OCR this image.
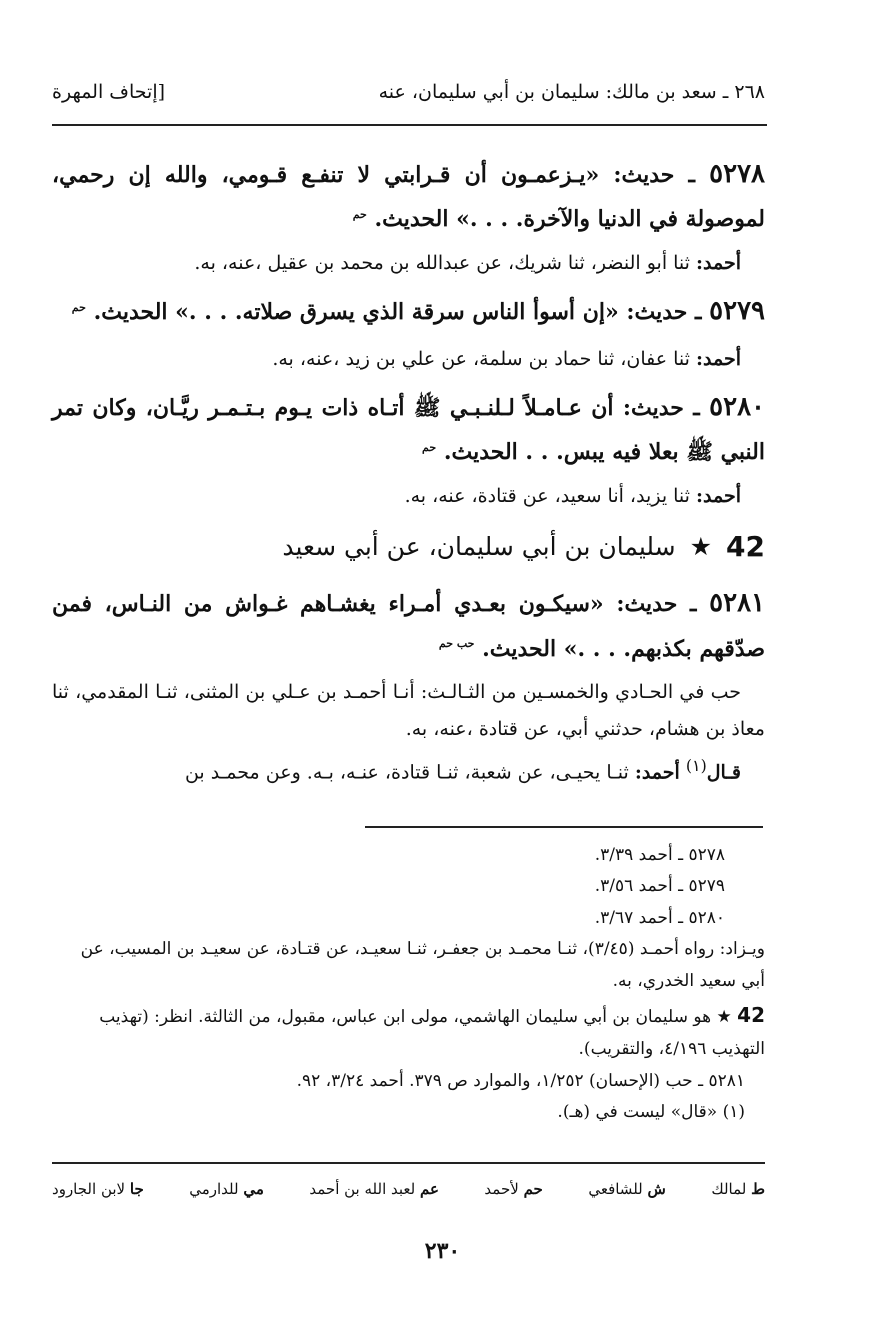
٢٦٨ ـ سعد بن مالك: سليمان بن أبي سليمان، عنه
[إتحاف المهرة
٥٢٧٨ ـ حديث: «يـزعمـون أن قـرابتي لا تنفـع قـومي، والله إن رحمي، لموصولة في الدنيا والآخرة. . . .» الحديث. $^{حم}$
أحمد: ثنا أبو النضر، ثنا شريك، عن عبدالله بن محمد بن عقيل ،عنه، به.
٥٢٧٩ ـ حديث: «إن أسوأ الناس سرقة الذي يسرق صلاته. . . .» الحديث. $^{حم}$
أحمد: ثنا عفان، ثنا حماد بن سلمة، عن علي بن زيد ،عنه، به.
٥٢٨٠ ـ حديث: أن عـامـلاً لـلنـبـي ﷺ أتـاه ذات يـوم بـتـمـر ريَّـان، وكان تمر النبي ﷺ بعلا فيه يبس. . . الحديث. $^{حم}$
أحمد: ثنا يزيد، أنا سعيد، عن قتادة، عنه، به.
42
★
سليمان بن أبي سليمان، عن أبي سعيد
٥٢٨١ ـ حديث: «سيكـون بعـدي أمـراء يغشـاهم غـواش من النـاس، فمن صدّقهم بكذبهم. . . .» الحديث. $^{حب حم}$
حب في الحـادي والخمسـين من الثـالـث: أنـا أحمـد بن عـلي بن المثنى، ثنـا المقدمي، ثنا معاذ بن هشام، حدثني أبي، عن قتادة ،عنه، به.
قـال$^{(١)}$ أحمد: ثنـا يحيـى، عن شعبة، ثنـا قتادة، عنـه، بـه. وعن محمـد بن
٥٢٧٨ ـ أحمد ٣/٣٩.
٥٢٧٩ ـ أحمد ٣/٥٦.
٥٢٨٠ ـ أحمد ٣/٦٧.
ويـزاد: رواه أحمـد (٣/٤٥)، ثنـا محمـد بن جعفـر، ثنـا سعيـد، عن قتـادة، عن سعيـد بن المسيب، عن أبي سعيد الخدري، به.
42 ★ هو سليمان بن أبي سليمان الهاشمي، مولى ابن عباس، مقبول، من الثالثة. انظر: (تهذيب التهذيب ٤/١٩٦، والتقريب).
٥٢٨١ ـ حب (الإحسان) ١/٢٥٢، والموارد ص ٣٧٩. أحمد ٣/٢٤، ٩٢.
(١) «قال» ليست في (هـ).
ط لمالك
ش للشافعي
حم لأحمد
عم لعبد الله بن أحمد
مي للدارمي
جا لابن الجارود
٢٣٠
